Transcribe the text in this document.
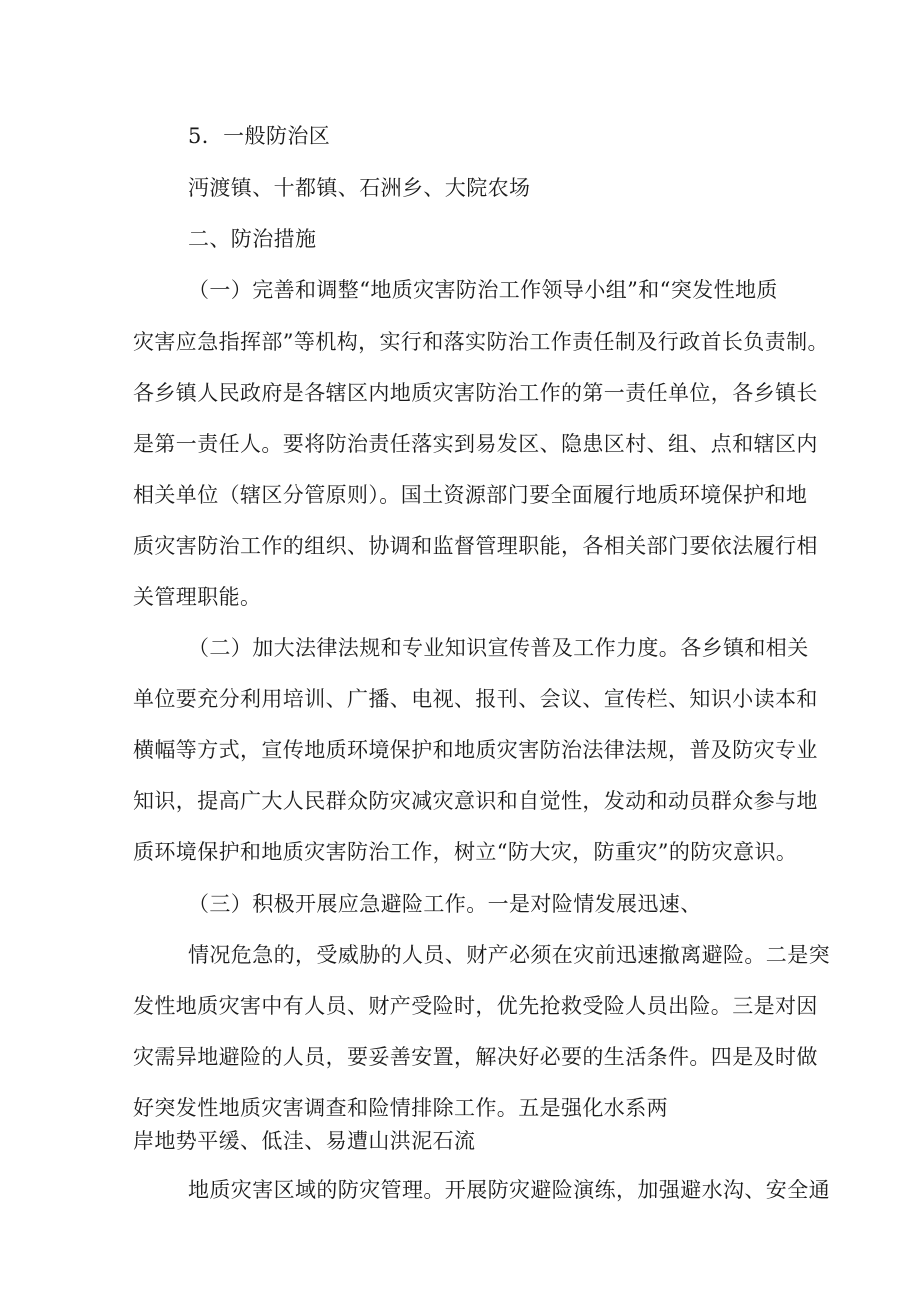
5．一般防治区
沔渡镇、十都镇、石洲乡、大院农场
二、防治措施
（一）完善和调整“地质灾害防治工作领导小组”和“突发性地质
灾害应急指挥部”等机构，实行和落实防治工作责任制及行政首长负责制。
各乡镇人民政府是各辖区内地质灾害防治工作的第一责任单位，各乡镇长
是第一责任人。要将防治责任落实到易发区、隐患区村、组、点和辖区内
相关单位（辖区分管原则）。国土资源部门要全面履行地质环境保护和地
质灾害防治工作的组织、协调和监督管理职能，各相关部门要依法履行相
关管理职能。
（二）加大法律法规和专业知识宣传普及工作力度。各乡镇和相关
单位要充分利用培训、广播、电视、报刊、会议、宣传栏、知识小读本和
横幅等方式，宣传地质环境保护和地质灾害防治法律法规，普及防灾专业
知识，提高广大人民群众防灾减灾意识和自觉性，发动和动员群众参与地
质环境保护和地质灾害防治工作，树立“防大灾，防重灾”的防灾意识。
（三）积极开展应急避险工作。一是对险情发展迅速、
情况危急的，受威胁的人员、财产必须在灾前迅速撤离避险。二是突
发性地质灾害中有人员、财产受险时，优先抢救受险人员出险。三是对因
灾需异地避险的人员，要妥善安置，解决好必要的生活条件。四是及时做
好突发性地质灾害调查和险情排除工作。五是强化水系两
岸地势平缓、低洼、易遭山洪泥石流
地质灾害区域的防灾管理。开展防灾避险演练，加强避水沟、安全通
